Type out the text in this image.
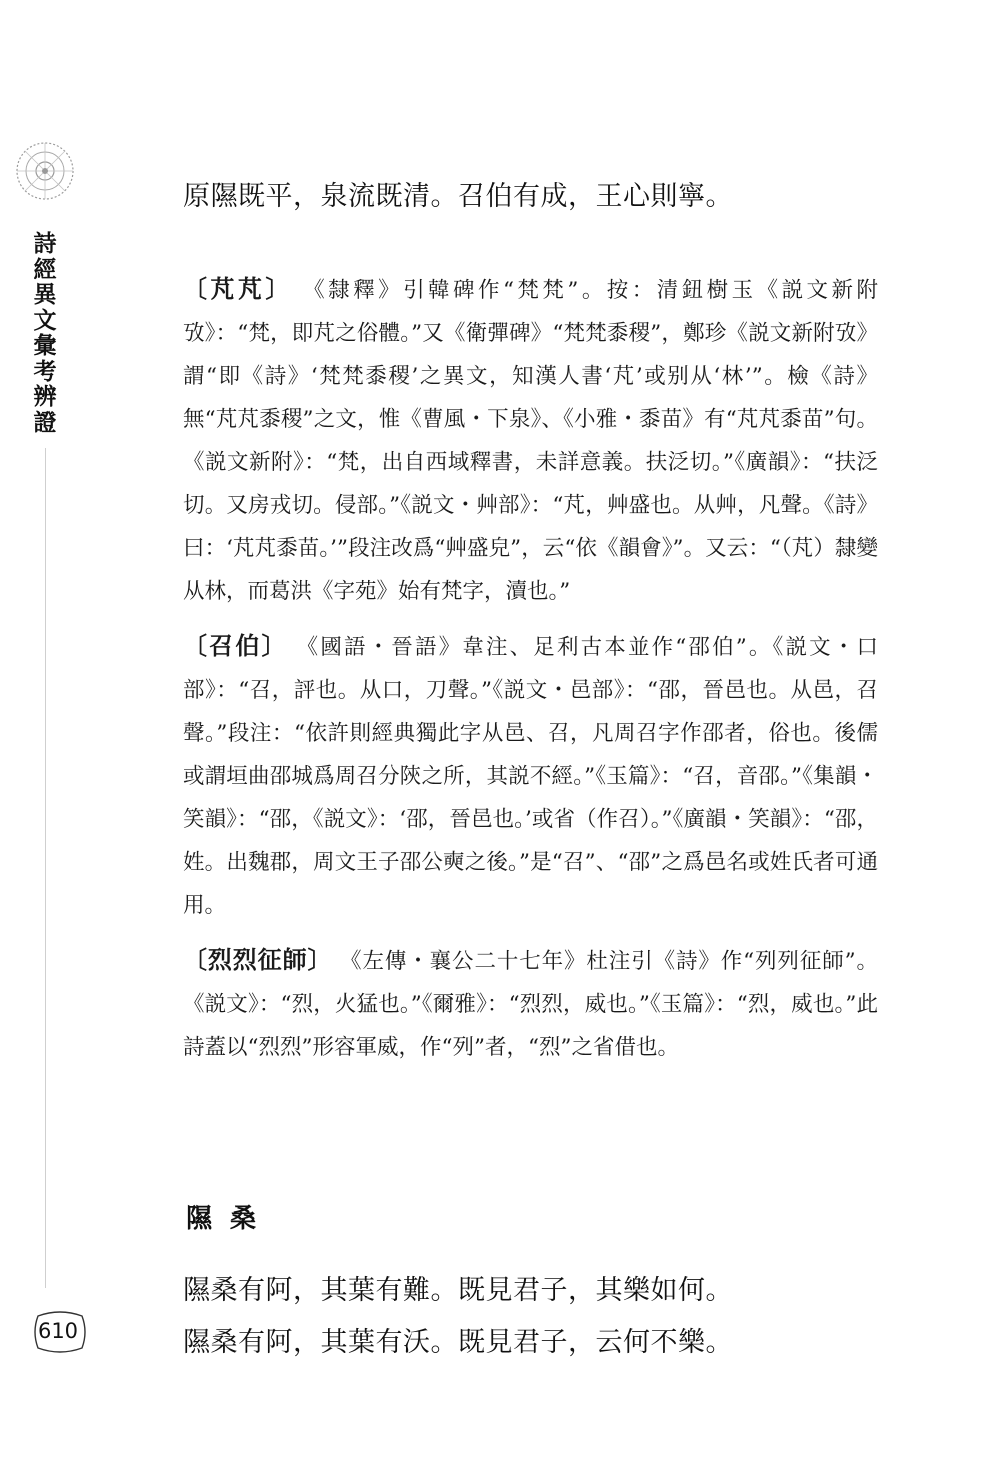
詩經異文彙考辨證
610
原隰既平，泉流既清。召伯有成，王心則寧。

〔芃芃〕 《隸釋》引韓碑作“梵梵”。按：清鈕樹玉《説文新附攷》：“梵，即芃之俗體。”又《衛彈碑》“梵梵黍稷”，鄭珍《説文新附攷》謂“即《詩》‘梵梵黍稷’之異文，知漢人書‘芃’或别从‘林’”。檢《詩》無“芃芃黍稷”之文，惟《曹風・下泉》、《小雅・黍苗》有“芃芃黍苗”句。《説文新附》：“梵，出自西域釋書，未詳意義。扶泛切。”《廣韻》：“扶泛切。又房戎切。侵部。”《説文・艸部》：“芃，艸盛也。从艸，凡聲。《詩》曰：‘芃芃黍苗。’”段注改爲“艸盛皃”，云“依《韻會》”。又云：“（芃）隸變从林，而葛洪《字苑》始有梵字，瀆也。”

〔召伯〕 《國語・晉語》韋注、足利古本並作“邵伯”。《説文・口部》：“召，評也。从口，刀聲。”《説文・邑部》：“邵，晉邑也。从邑，召聲。”段注：“依許則經典獨此字从邑、召，凡周召字作邵者，俗也。後儒或謂垣曲邵城爲周召分陝之所，其説不經。”《玉篇》：“召，音邵。”《集韻・笑韻》：“邵，《説文》：‘邵，晉邑也。’或省（作召）。”《廣韻・笑韻》：“邵，姓。出魏郡，周文王子邵公奭之後。”是“召”、“邵”之爲邑名或姓氏者可通用。

〔烈烈征師〕 《左傳・襄公二十七年》杜注引《詩》作“列列征師”。《説文》：“烈，火猛也。”《爾雅》：“烈烈，威也。”《玉篇》：“烈，威也。”此詩蓋以“烈烈”形容軍威，作“列”者，“烈”之省借也。

隰桑
隰桑有阿，其葉有難。既見君子，其樂如何。
隰桑有阿，其葉有沃。既見君子，云何不樂。
